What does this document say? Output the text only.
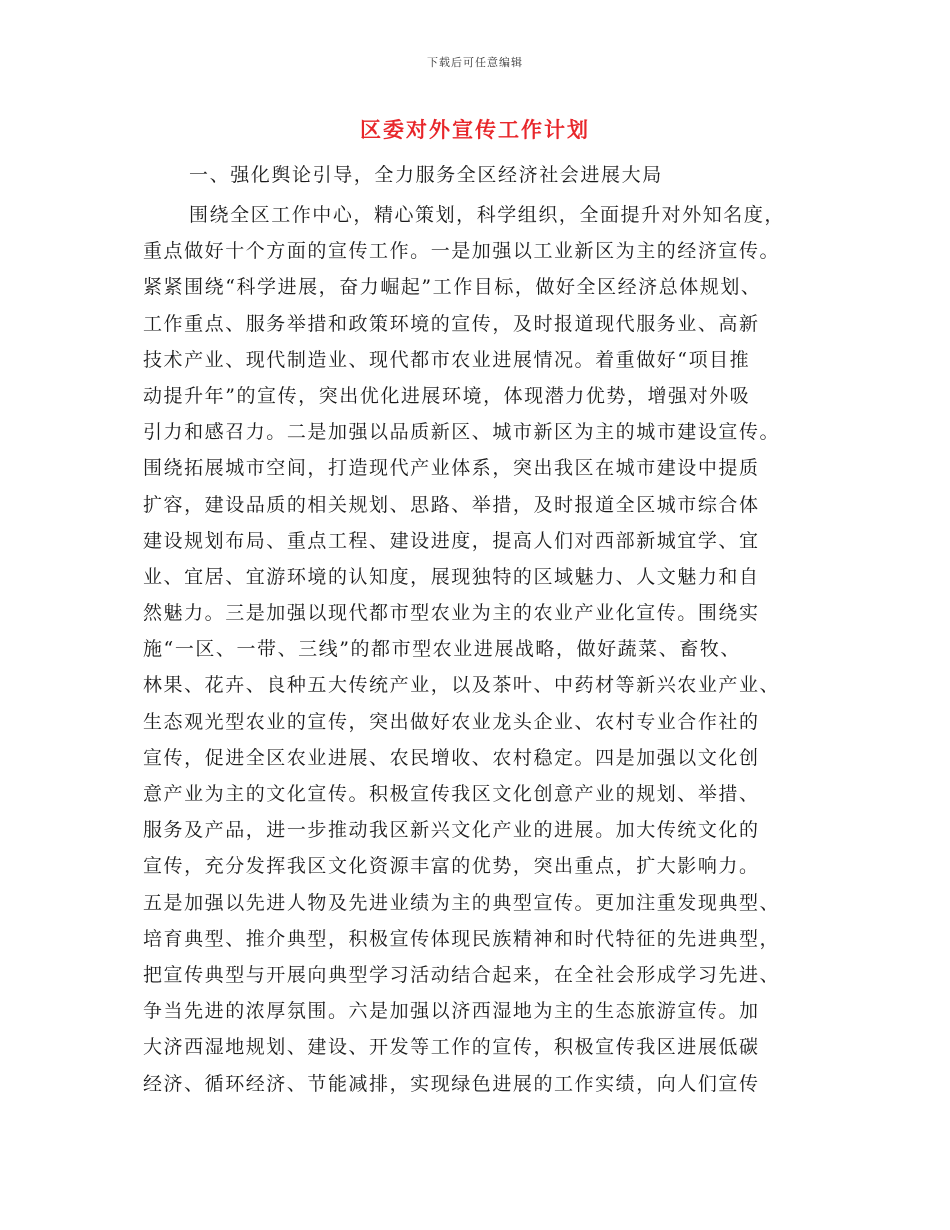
下载后可任意编辑
区委对外宣传工作计划
一、强化舆论引导，全力服务全区经济社会进展大局
围绕全区工作中心，精心策划，科学组织，全面提升对外知名度，
重点做好十个方面的宣传工作。一是加强以工业新区为主的经济宣传。
紧紧围绕“科学进展，奋力崛起”工作目标，做好全区经济总体规划、
工作重点、服务举措和政策环境的宣传，及时报道现代服务业、高新
技术产业、现代制造业、现代都市农业进展情况。着重做好“项目推
动提升年”的宣传，突出优化进展环境，体现潜力优势，增强对外吸
引力和感召力。二是加强以品质新区、城市新区为主的城市建设宣传。
围绕拓展城市空间，打造现代产业体系，突出我区在城市建设中提质
扩容，建设品质的相关规划、思路、举措，及时报道全区城市综合体
建设规划布局、重点工程、建设进度，提高人们对西部新城宜学、宜
业、宜居、宜游环境的认知度，展现独特的区域魅力、人文魅力和自
然魅力。三是加强以现代都市型农业为主的农业产业化宣传。围绕实
施“一区、一带、三线”的都市型农业进展战略，做好蔬菜、畜牧、
林果、花卉、良种五大传统产业，以及茶叶、中药材等新兴农业产业、
生态观光型农业的宣传，突出做好农业龙头企业、农村专业合作社的
宣传，促进全区农业进展、农民增收、农村稳定。四是加强以文化创
意产业为主的文化宣传。积极宣传我区文化创意产业的规划、举措、
服务及产品，进一步推动我区新兴文化产业的进展。加大传统文化的
宣传，充分发挥我区文化资源丰富的优势，突出重点，扩大影响力。
五是加强以先进人物及先进业绩为主的典型宣传。更加注重发现典型、
培育典型、推介典型，积极宣传体现民族精神和时代特征的先进典型，
把宣传典型与开展向典型学习活动结合起来，在全社会形成学习先进、
争当先进的浓厚氛围。六是加强以济西湿地为主的生态旅游宣传。加
大济西湿地规划、建设、开发等工作的宣传，积极宣传我区进展低碳
经济、循环经济、节能减排，实现绿色进展的工作实绩，向人们宣传
